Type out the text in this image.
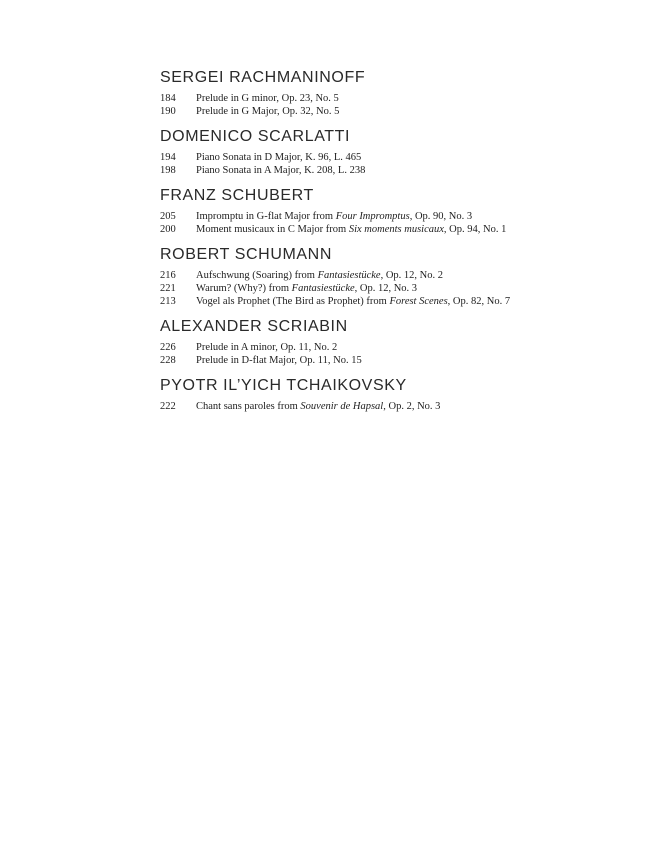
SERGEI RACHMANINOFF
184	Prelude in G minor, Op. 23, No. 5
190	Prelude in G Major, Op. 32, No. 5
DOMENICO SCARLATTI
194	Piano Sonata in D Major, K. 96, L. 465
198	Piano Sonata in A Major, K. 208, L. 238
FRANZ SCHUBERT
205	Impromptu in G-flat Major from Four Impromptus, Op. 90, No. 3
200	Moment musicaux in C Major from Six moments musicaux, Op. 94, No. 1
ROBERT SCHUMANN
216	Aufschwung (Soaring) from Fantasiestücke, Op. 12, No. 2
221	Warum? (Why?) from Fantasiestücke, Op. 12, No. 3
213	Vogel als Prophet (The Bird as Prophet) from Forest Scenes, Op. 82, No. 7
ALEXANDER SCRIABIN
226	Prelude in A minor, Op. 11, No. 2
228	Prelude in D-flat Major, Op. 11, No. 15
PYOTR IL’YICH TCHAIKOVSKY
222	Chant sans paroles from Souvenir de Hapsal, Op. 2, No. 3
